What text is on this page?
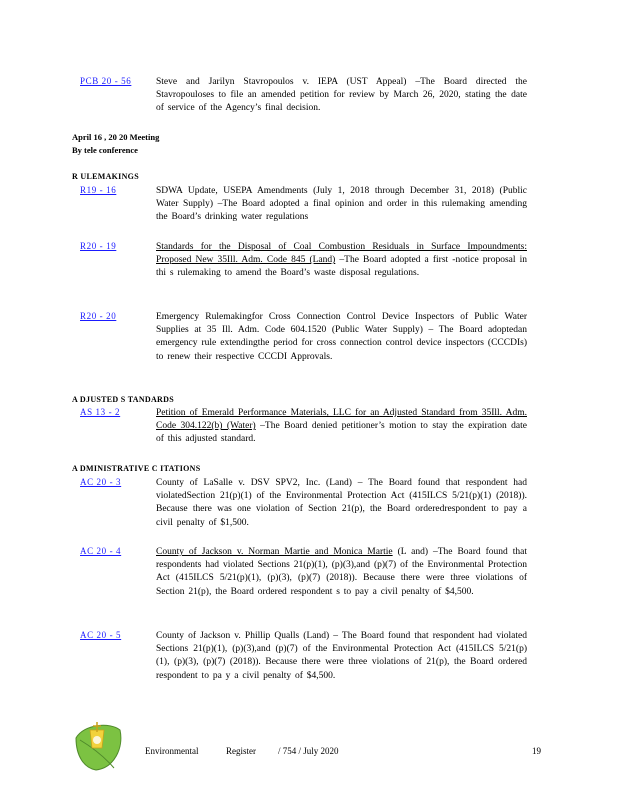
PCB 20 - 56	Steve and Jarilyn Stavropoulos v. IEPA (UST Appeal) –The Board directed the Stavropouloses to file an amended petition for review by March 26, 2020, stating the date of service of the Agency’s final decision.
April 16 , 20 20 Meeting
By tele conference
R ULEMAKINGS
R19 - 16	SDWA Update, USEPA Amendments (July 1, 2018 through December 31, 2018) (Public Water Supply) –The Board adopted a final opinion and order in this rulemaking amending the Board’s drinking water regulations
R20 - 19	Standards for the Disposal of Coal Combustion Residuals in Surface Impoundments: Proposed New 35Ill. Adm. Code 845 (Land) –The Board adopted a first -notice proposal in thi s rulemaking to amend the Board’s waste disposal regulations.
R20 - 20	Emergency Rulemakingfor Cross Connection Control Device Inspectors of Public Water Supplies at 35 Ill. Adm. Code 604.1520 (Public Water Supply) – The Board adoptedan emergency rule extendingthe period for cross connection control device inspectors (CCCDIs) to renew their respective CCCDI Approvals.
A DJUSTED S TANDARDS
AS 13 - 2	Petition of Emerald Performance Materials, LLC for an Adjusted Standard from 35Ill. Adm. Code 304.122(b) (Water) –The Board denied petitioner’s motion to stay the expiration date of this adjusted standard.
A DMINISTRATIVE C ITATIONS
AC 20 - 3	County of LaSalle v. DSV SPV2, Inc. (Land) – The Board found that respondent had violatedSection 21(p)(1) of the Environmental Protection Act (415ILCS 5/21(p)(1) (2018)). Because there was one violation of Section 21(p), the Board orderedrespondent to pay a civil penalty of $1,500.
AC 20 - 4	County of Jackson v. Norman Martie and Monica Martie (L and) –The Board found that respondents had violated Sections 21(p)(1), (p)(3),and (p)(7) of the Environmental Protection Act (415ILCS 5/21(p)(1), (p)(3), (p)(7) (2018)). Because there were three violations of Section 21(p), the Board ordered respondent s to pay a civil penalty of $4,500.
AC 20 - 5	County of Jackson v. Phillip Qualls (Land) – The Board found that respondent had violated Sections 21(p)(1), (p)(3),and (p)(7) of the Environmental Protection Act (415ILCS 5/21(p)(1), (p)(3), (p)(7) (2018)). Because there were three violations of 21(p), the Board ordered respondent to pa y a civil penalty of $4,500.
Environmental	Register / 754 / July 2020	19
